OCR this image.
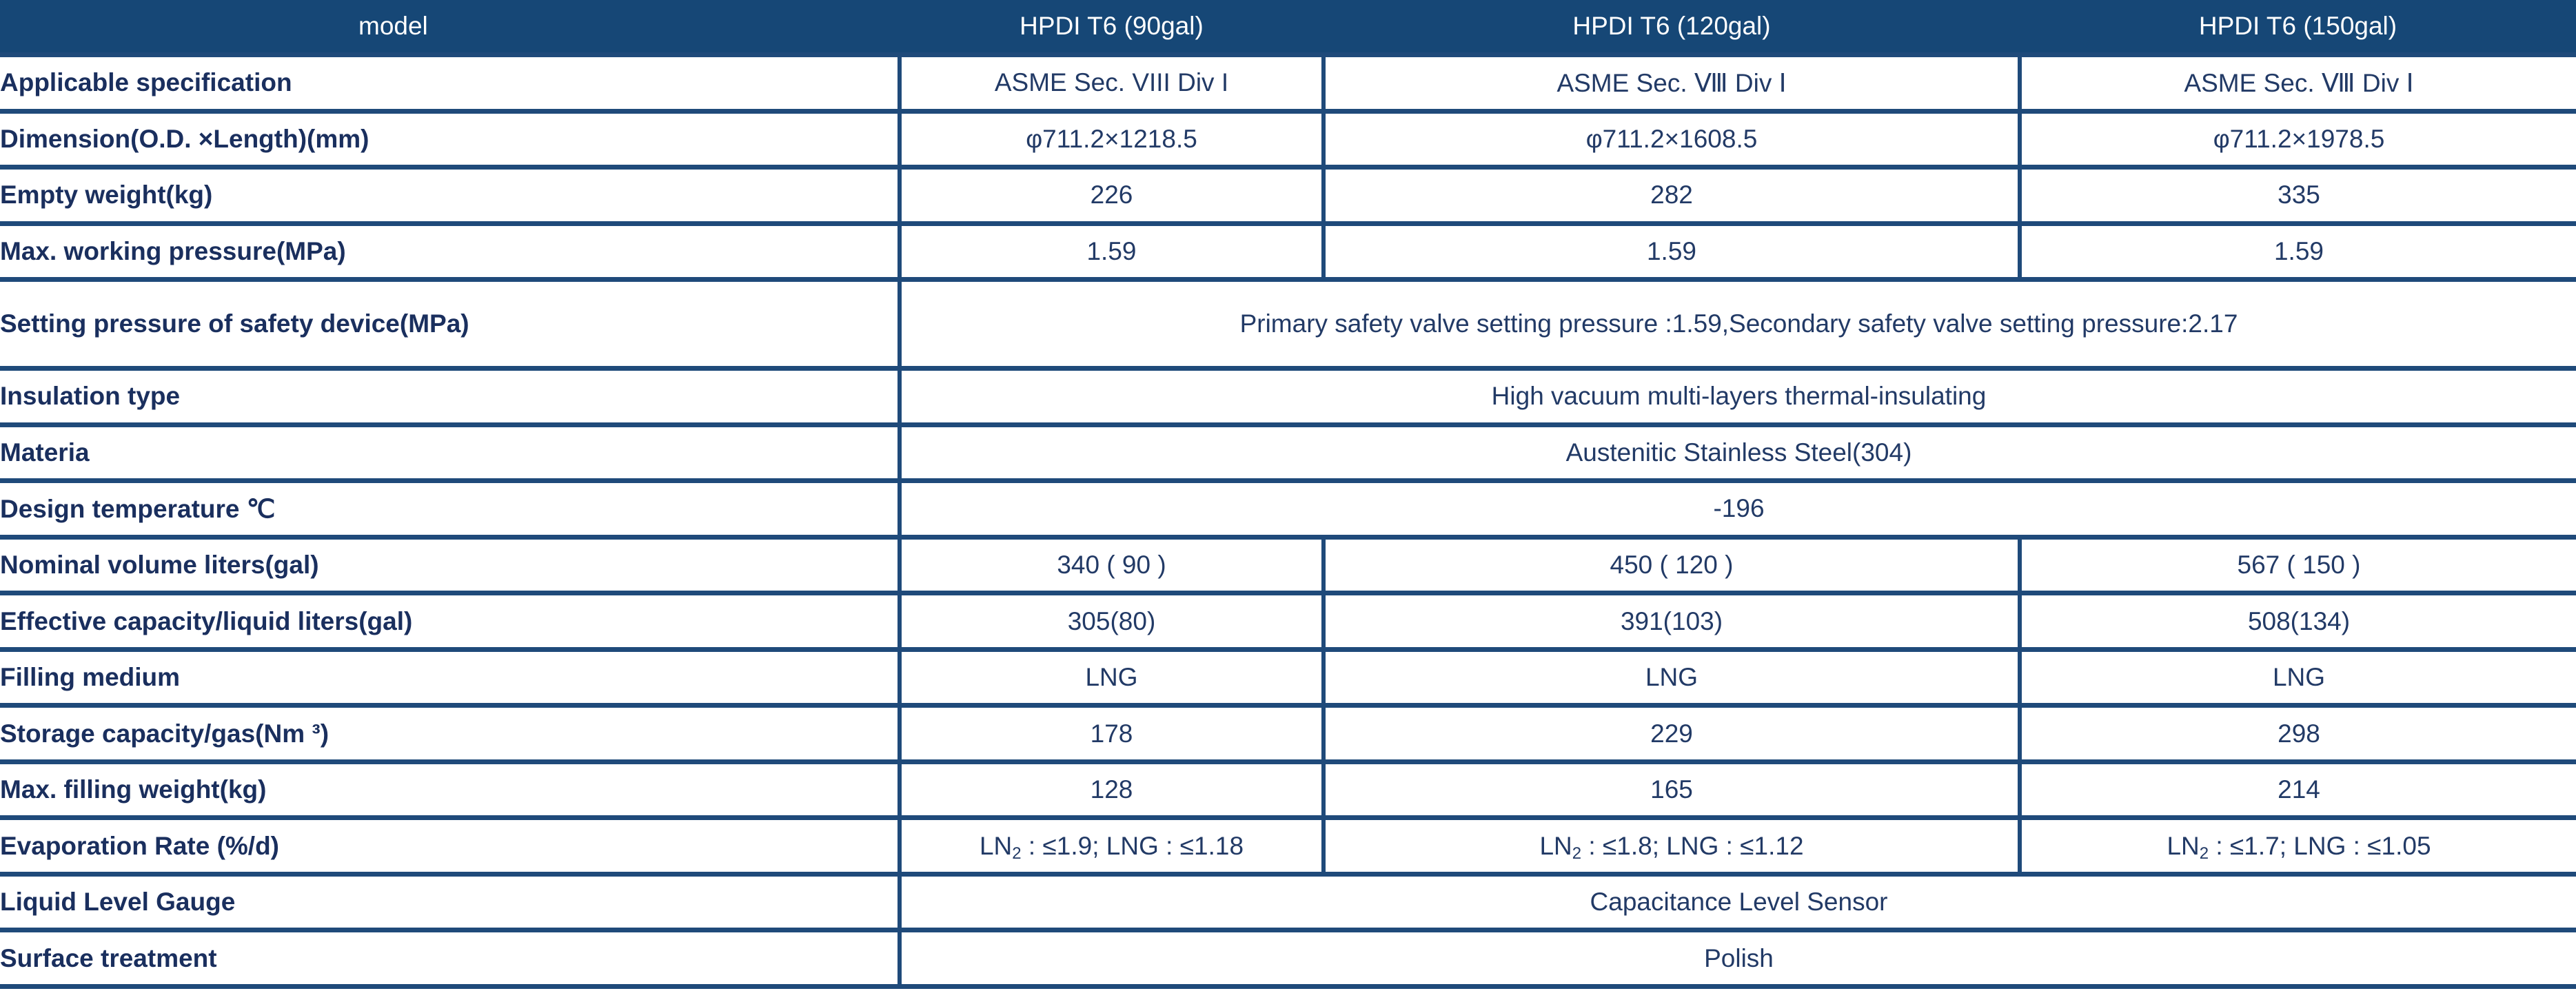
model	HPDI T6 (90gal)	HPDI T6 (120gal)	HPDI T6 (150gal)
Applicable specification	ASME Sec. VIII Div I	ASME Sec. Ⅷ Div Ⅰ	ASME Sec. Ⅷ Div Ⅰ
Dimension(O.D. ×Length)(mm)	φ711.2×1218.5	φ711.2×1608.5	φ711.2×1978.5
Empty weight(kg)	226	282	335
Max. working pressure(MPa)	1.59	1.59	1.59
Setting pressure of safety device(MPa)	Primary safety valve setting pressure :1.59,Secondary safety valve setting pressure:2.17		
Insulation type	High vacuum multi-layers thermal-insulating		
Materia	Austenitic Stainless Steel(304)		
Design temperature ℃	-196		
Nominal volume liters(gal)	340 ( 90 )	450 ( 120 )	567 ( 150 )
Effective capacity/liquid liters(gal)	305(80)	391(103)	508(134)
Filling medium	LNG	LNG	LNG
Storage capacity/gas(Nm ³)	178	229	298
Max. filling weight(kg)	128	165	214
Evaporation Rate (%/d)	$LN_2$ : ≤1.9; LNG : ≤1.18	$LN_2$ : ≤1.8; LNG : ≤1.12	$LN_2$ : ≤1.7; LNG : ≤1.05
Liquid Level Gauge	Capacitance Level Sensor		
Surface treatment	Polish		
